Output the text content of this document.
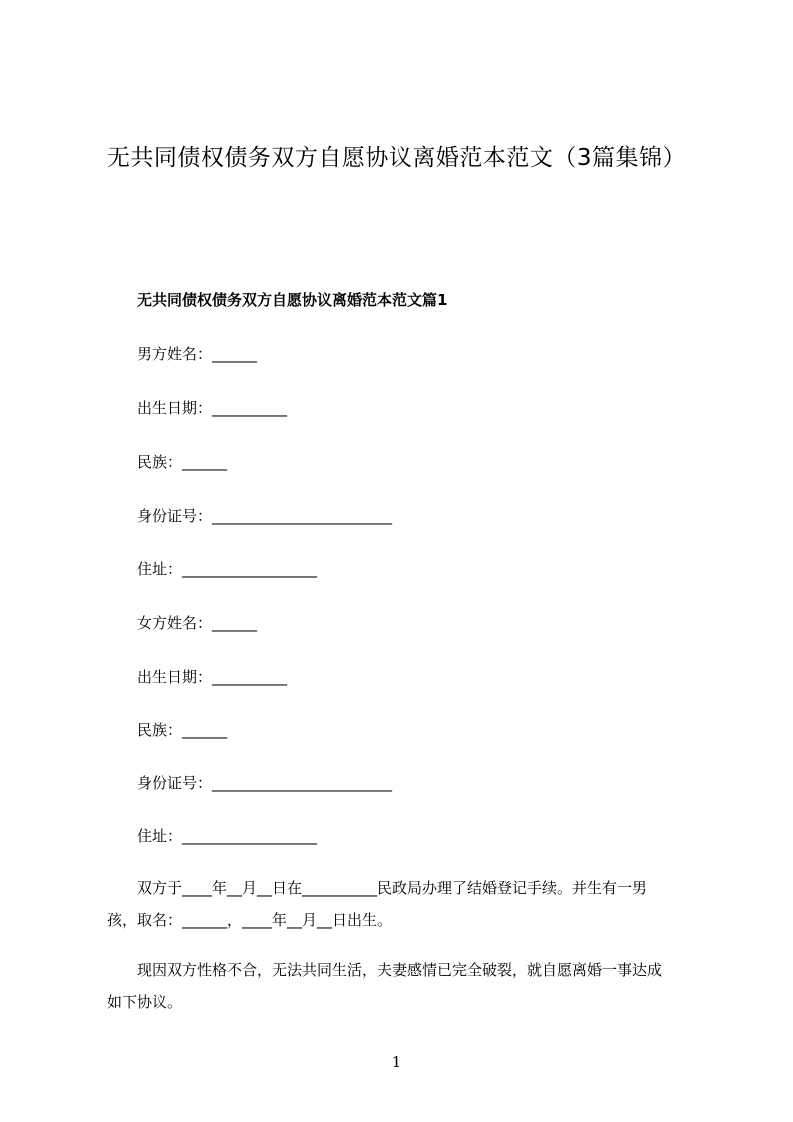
无共同债权债务双方自愿协议离婚范本范文（3篇集锦）
无共同债权债务双方自愿协议离婚范本范文篇1
男方姓名：______
出生日期：__________
民族：______
身份证号：________________________
住址：__________________
女方姓名：______
出生日期：__________
民族：______
身份证号：________________________
住址：__________________
双方于____年__月__日在__________民政局办理了结婚登记手续。并生有一男
孩，取名：______，____年__月__日出生。
现因双方性格不合，无法共同生活，夫妻感情已完全破裂，就自愿离婚一事达成
如下协议。
1
